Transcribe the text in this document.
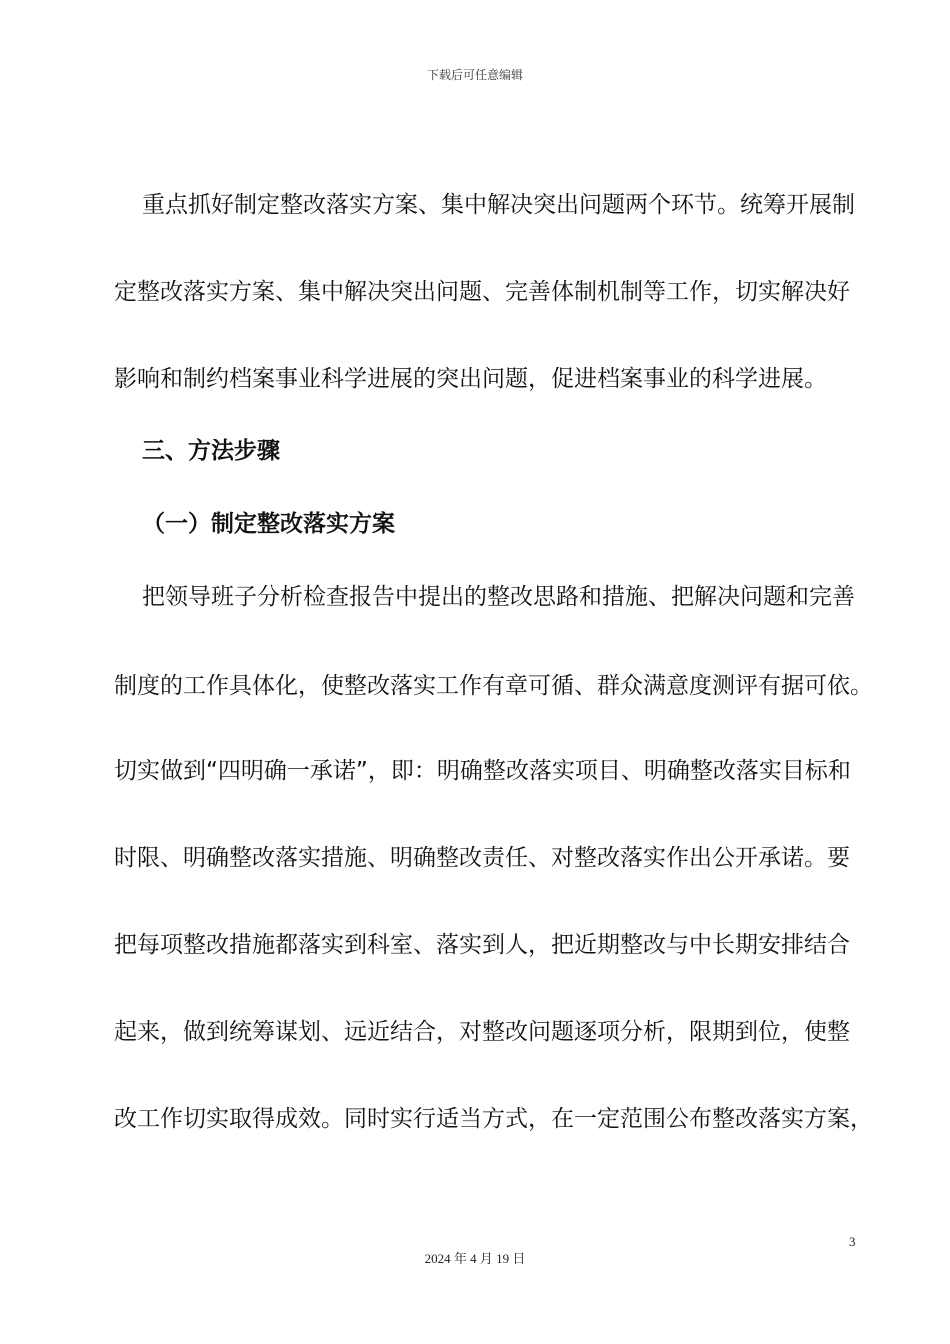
下载后可任意编辑
重点抓好制定整改落实方案、集中解决突出问题两个环节。统筹开展制
定整改落实方案、集中解决突出问题、完善体制机制等工作，切实解决好
影响和制约档案事业科学进展的突出问题，促进档案事业的科学进展。
三、方法步骤
（一）制定整改落实方案
把领导班子分析检查报告中提出的整改思路和措施、把解决问题和完善
制度的工作具体化，使整改落实工作有章可循、群众满意度测评有据可依。
切实做到“四明确一承诺”，即：明确整改落实项目、明确整改落实目标和
时限、明确整改落实措施、明确整改责任、对整改落实作出公开承诺。要
把每项整改措施都落实到科室、落实到人，把近期整改与中长期安排结合
起来，做到统筹谋划、远近结合，对整改问题逐项分析，限期到位，使整
改工作切实取得成效。同时实行适当方式，在一定范围公布整改落实方案，
3
2024 年 4 月 19 日
